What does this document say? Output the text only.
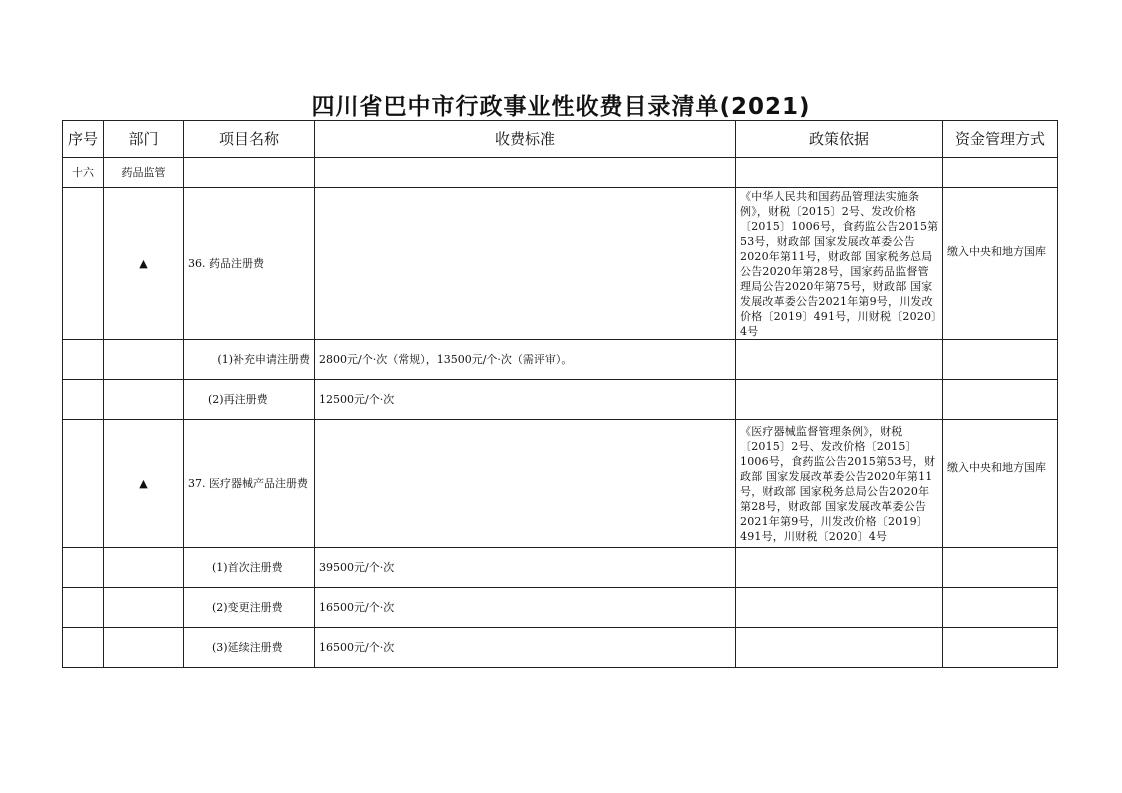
四川省巴中市行政事业性收费目录清单(2021)
序号	部门	项目名称	收费标准	政策依据	资金管理方式
十六	药品监管				
	▲	36. 药品注册费		《中华人民共和国药品管理法实施条例》，财税〔2015〕2号、发改价格〔2015〕1006号，食药监公告2015第53号，财政部 国家发展改革委公告2020年第11号，财政部 国家税务总局公告2020年第28号，国家药品监督管理局公告2020年第75号，财政部 国家发展改革委公告2021年第9号，川发改价格〔2019〕491号，川财税〔2020〕4号	缴入中央和地方国库
		(1)补充申请注册费	2800元/个·次（常规），13500元/个·次（需评审）。		
		(2)再注册费	12500元/个·次		
	▲	37. 医疗器械产品注册费		《医疗器械监督管理条例》，财税〔2015〕2号、发改价格〔2015〕1006号，食药监公告2015第53号，财政部 国家发展改革委公告2020年第11号，财政部 国家税务总局公告2020年第28号，财政部 国家发展改革委公告2021年第9号，川发改价格〔2019〕491号，川财税〔2020〕4号	缴入中央和地方国库
		(1)首次注册费	39500元/个·次		
		(2)变更注册费	16500元/个·次		
		(3)延续注册费	16500元/个·次		
